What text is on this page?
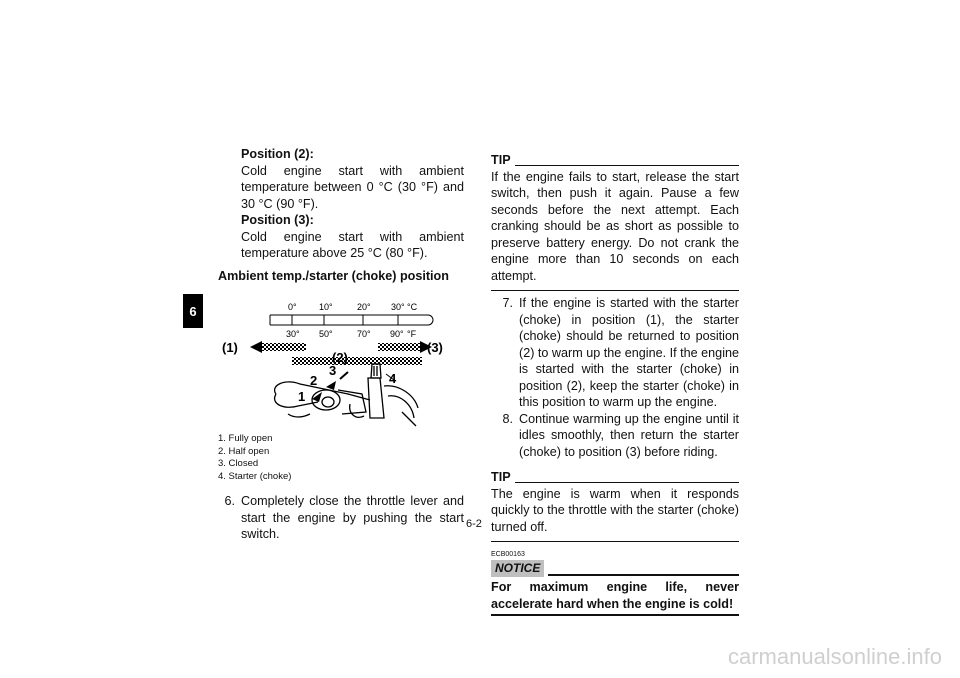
6
Position (2):
Cold engine start with ambient temperature between 0 °C (30 °F) and 30 °C (90 °F).
Position (3):
Cold engine start with ambient temperature above 25 °C (80 °F).
Ambient temp./starter (choke) position
0° 10°	20° 30° °C
30° 50°	70° 90° °F
(1)	(3)
(2)
1
2
3
4
1. Fully open
2. Half open
3. Closed
4. Starter (choke)
6. Completely close the throttle lever and start the engine by pushing the start switch.
TIP
If the engine fails to start, release the start switch, then push it again. Pause a few seconds before the next attempt. Each cranking should be as short as possible to preserve battery energy. Do not crank the engine more than 10 seconds on each attempt.
7. If the engine is started with the starter (choke) in position (1), the starter (choke) should be returned to position (2) to warm up the engine. If the engine is started with the starter (choke) in position (2), keep the starter (choke) in this position to warm up the engine.
8. Continue warming up the engine until it idles smoothly, then return the starter (choke) to position (3) before riding.
TIP
The engine is warm when it responds quickly to the throttle with the starter (choke) turned off.
ECB00163
NOTICE
For maximum engine life, never accelerate hard when the engine is cold!
6-2
carmanualsonline.info
